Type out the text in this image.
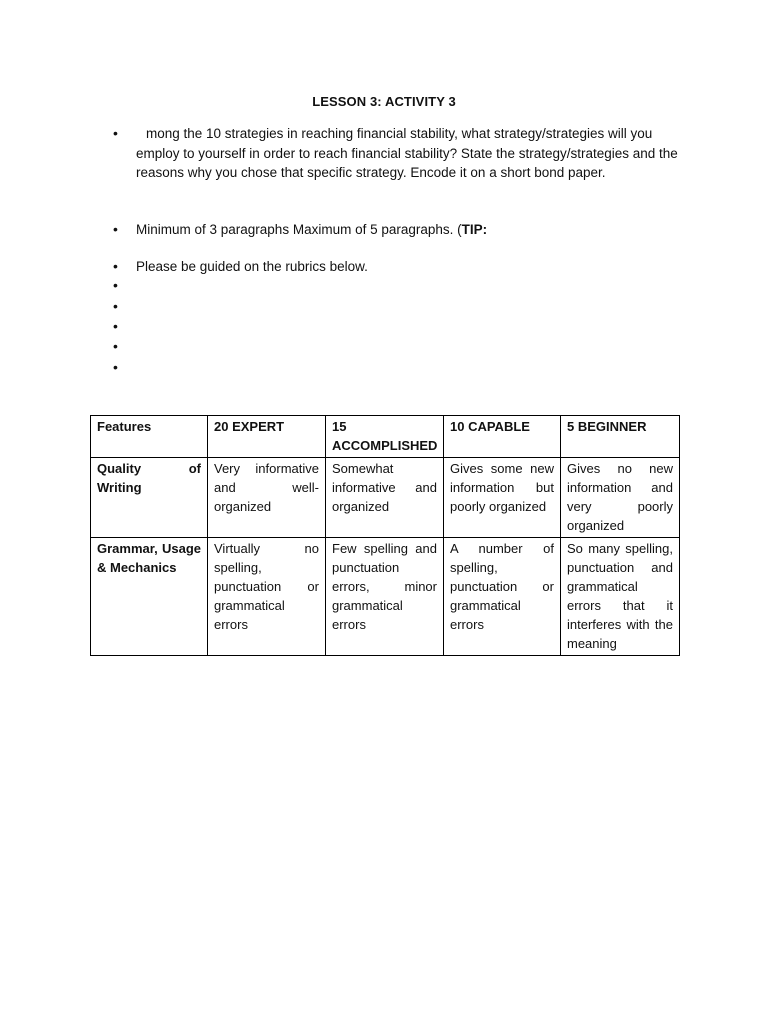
LESSON 3: ACTIVITY 3
•	mong the 10 strategies in reaching financial stability, what strategy/strategies will you employ to yourself in order to reach financial stability? State the strategy/strategies and the reasons why you chose that specific strategy. Encode it on a short bond paper.
•	Minimum of 3 paragraphs Maximum of 5 paragraphs. (TIP:
•	Please be guided on the rubrics below.
•
•
•
•
•
Features	20 EXPERT	15 ACCOMPLISHED	10 CAPABLE	5 BEGINNER
Quality of Writing	Very informative and well-organized	Somewhat informative and organized	Gives some new information but poorly organized	Gives no new information and very poorly organized
Grammar, Usage & Mechanics	Virtually no spelling, punctuation or grammatical errors	Few spelling and punctuation errors, minor grammatical errors	A number of spelling, punctuation or grammatical errors	So many spelling, punctuation and grammatical errors that it interferes with the meaning
